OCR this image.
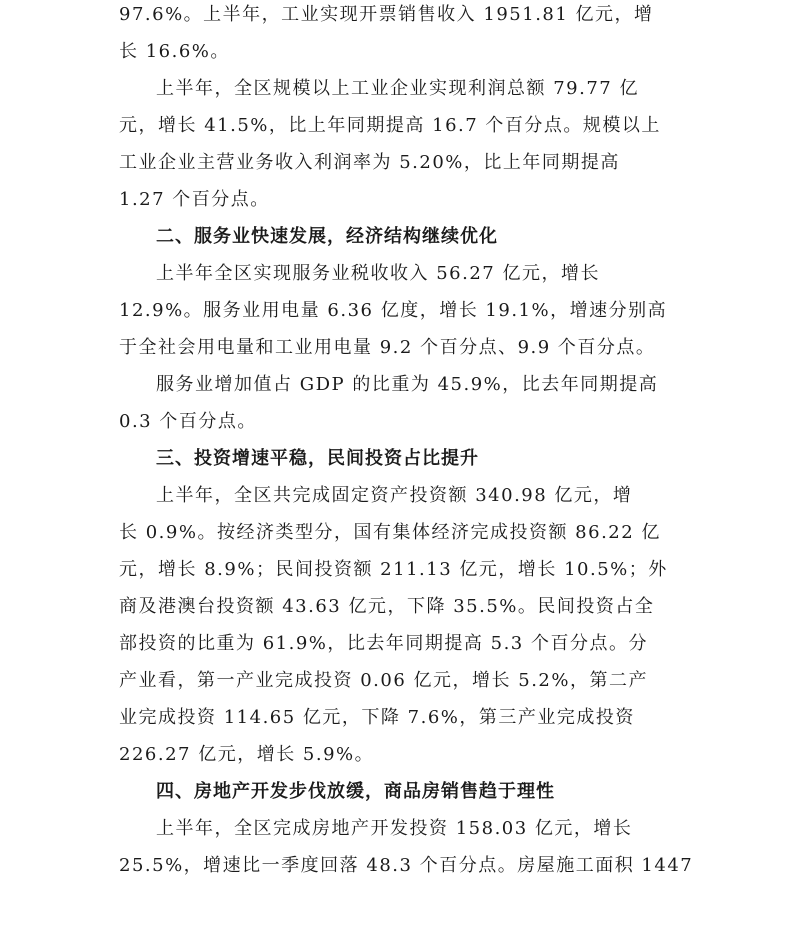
97.6%。上半年，工业实现开票销售收入 1951.81 亿元，增
长 16.6%。
上半年，全区规模以上工业企业实现利润总额 79.77 亿
元，增长 41.5%，比上年同期提高 16.7 个百分点。规模以上
工业企业主营业务收入利润率为 5.20%，比上年同期提高
1.27 个百分点。
二、服务业快速发展，经济结构继续优化
上半年全区实现服务业税收收入 56.27 亿元，增长
12.9%。服务业用电量 6.36 亿度，增长 19.1%，增速分别高
于全社会用电量和工业用电量 9.2 个百分点、9.9 个百分点。
服务业增加值占 GDP 的比重为 45.9%，比去年同期提高
0.3 个百分点。
三、投资增速平稳，民间投资占比提升
上半年，全区共完成固定资产投资额 340.98 亿元，增
长 0.9%。按经济类型分，国有集体经济完成投资额 86.22 亿
元，增长 8.9%；民间投资额 211.13 亿元，增长 10.5%；外
商及港澳台投资额 43.63 亿元，下降 35.5%。民间投资占全
部投资的比重为 61.9%，比去年同期提高 5.3 个百分点。分
产业看，第一产业完成投资 0.06 亿元，增长 5.2%，第二产
业完成投资 114.65 亿元，下降 7.6%，第三产业完成投资
226.27 亿元，增长 5.9%。
四、房地产开发步伐放缓，商品房销售趋于理性
上半年，全区完成房地产开发投资 158.03 亿元，增长
25.5%，增速比一季度回落 48.3 个百分点。房屋施工面积 1447
